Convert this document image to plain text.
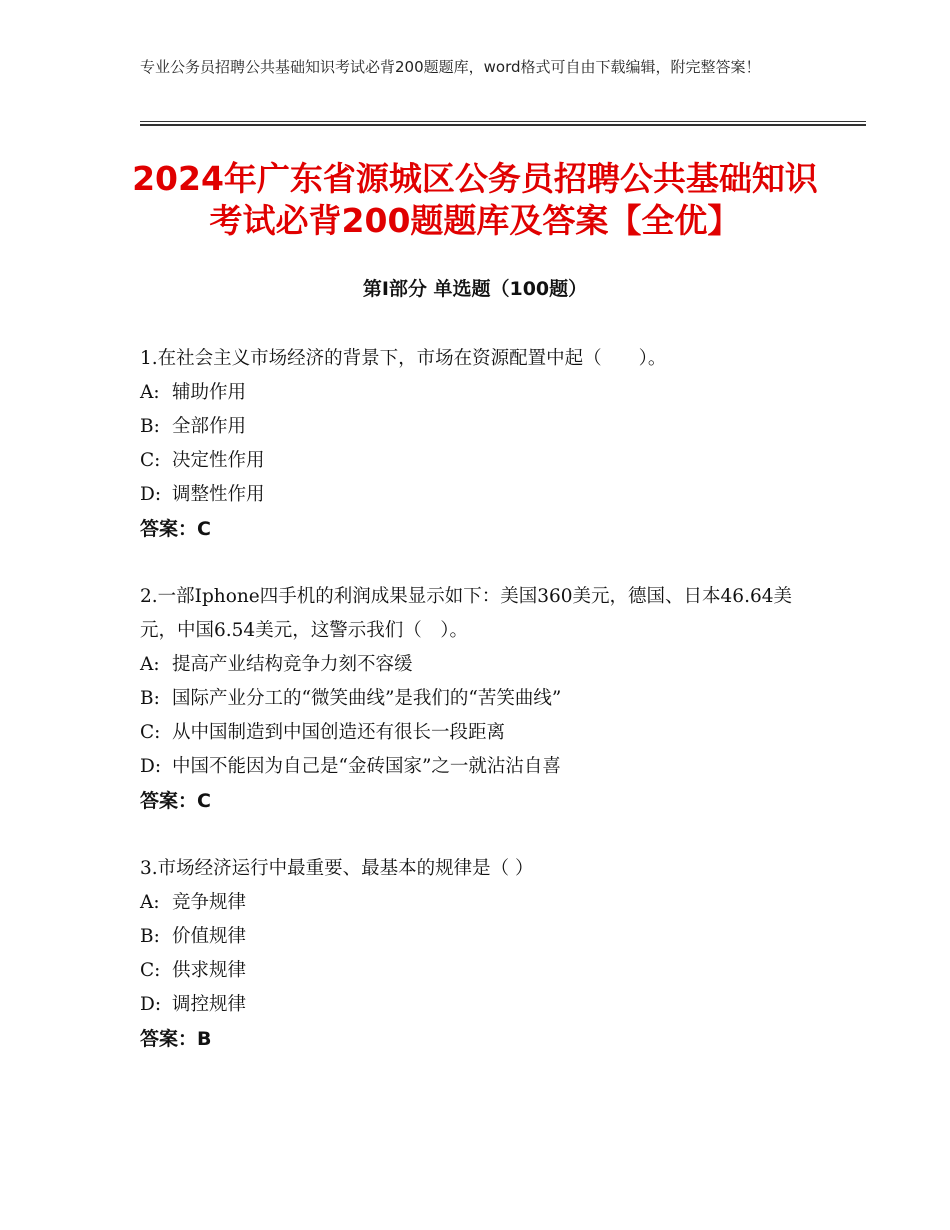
专业公务员招聘公共基础知识考试必背200题题库，word格式可自由下载编辑，附完整答案！
2024年广东省源城区公务员招聘公共基础知识考试必背200题题库及答案【全优】
第Ⅰ部分 单选题（100题）

1.在社会主义市场经济的背景下，市场在资源配置中起（　　）。

A: 辅助作用

B: 全部作用

C: 决定性作用

D: 调整性作用

答案：C

2.一部Iphone四手机的利润成果显示如下：美国360美元，德国、日本46.64美元，中国6.54美元，这警示我们（　）。

A: 提高产业结构竞争力刻不容缓

B: 国际产业分工的“微笑曲线”是我们的“苦笑曲线”

C: 从中国制造到中国创造还有很长一段距离

D: 中国不能因为自己是“金砖国家”之一就沾沾自喜

答案：C

3.市场经济运行中最重要、最基本的规律是（ ）

A: 竞争规律

B: 价值规律

C: 供求规律

D: 调控规律

答案：B
